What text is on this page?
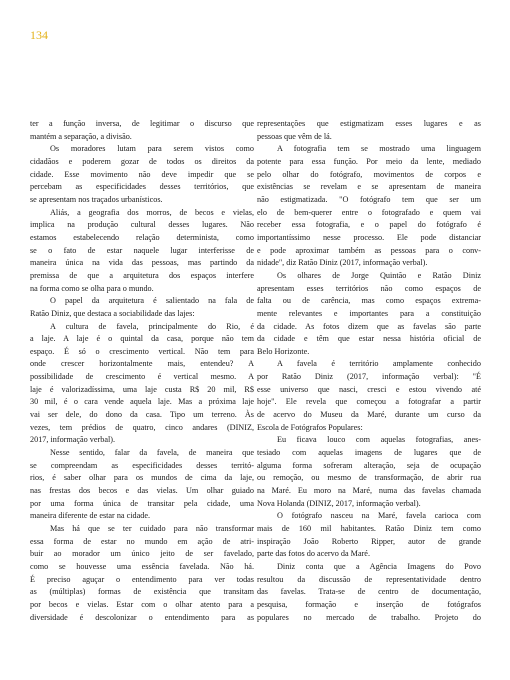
134
ter a função inversa, de legitimar o discurso que
mantém a separação, a divisão.
Os moradores lutam para serem vistos como
cidadãos e poderem gozar de todos os direitos da
cidade. Esse movimento não deve impedir que se
percebam as especificidades desses territórios, que
se apresentam nos traçados urbanísticos.
Aliás, a geografia dos morros, de becos e vielas,
implica na produção cultural desses lugares. Não
estamos estabelecendo relação determinista, como
se o fato de estar naquele lugar interferisse de
maneira única na vida das pessoas, mas partindo da
premissa de que a arquitetura dos espaços interfere
na forma como se olha para o mundo.
O papel da arquitetura é salientado na fala de
Ratão Diniz, que destaca a sociabilidade das lajes:
A cultura de favela, principalmente do Rio, é
a laje. A laje é o quintal da casa, porque não tem
espaço. É só o crescimento vertical. Não tem para
onde crescer horizontalmente mais, entendeu? A
possibilidade de crescimento é vertical mesmo. A
laje é valorizadíssima, uma laje custa R$ 20 mil, R$
30 mil, é o cara vende aquela laje. Mas a próxima laje
vai ser dele, do dono da casa. Tipo um terreno. Às
vezes, tem prédios de quatro, cinco andares (DINIZ,
2017, informação verbal).
Nesse sentido, falar da favela, de maneira que
se compreendam as especificidades desses territó-
rios, é saber olhar para os mundos de cima da laje,
nas frestas dos becos e das vielas. Um olhar guiado
por uma forma única de transitar pela cidade, uma
maneira diferente de estar na cidade.
Mas há que se ter cuidado para não transformar
essa forma de estar no mundo em ação de atri-
buir ao morador um único jeito de ser favelado,
como se houvesse uma essência favelada. Não há.
É preciso aguçar o entendimento para ver todas
as (múltiplas) formas de existência que transitam
por becos e vielas. Estar com o olhar atento para a
diversidade é descolonizar o entendimento para as
representações que estigmatizam esses lugares e as
pessoas que vêm de lá.
A fotografia tem se mostrado uma linguagem
potente para essa função. Por meio da lente, mediado
pelo olhar do fotógrafo, movimentos de corpos e
existências se revelam e se apresentam de maneira
não estigmatizada. "O fotógrafo tem que ser um
elo de bem-querer entre o fotografado e quem vai
receber essa fotografia, e o papel do fotógrafo é
importantíssimo nesse processo. Ele pode distanciar
e pode aproximar também as pessoas para o conv-
nidade", diz Ratão Diniz (2017, informação verbal).
Os olhares de Jorge Quintão e Ratão Diniz
apresentam esses territórios não como espaços de
falta ou de carência, mas como espaços extrema-
mente relevantes e importantes para a constituição
da cidade. As fotos dizem que as favelas são parte
da cidade e têm que estar nessa história oficial de
Belo Horizonte.
A favela é território amplamente conhecido
por Ratão Diniz (2017, informação verbal): "É
esse universo que nasci, cresci e estou vivendo até
hoje". Ele revela que começou a fotografar a partir
de acervo do Museu da Maré, durante um curso da
Escola de Fotógrafos Populares:
Eu ficava louco com aquelas fotografias, anes-
tesiado com aquelas imagens de lugares que de
alguma forma sofreram alteração, seja de ocupação
ou remoção, ou mesmo de transformação, de abrir rua
na Maré. Eu moro na Maré, numa das favelas chamada
Nova Holanda (DINIZ, 2017, informação verbal).
O fotógrafo nasceu na Maré, favela carioca com
mais de 160 mil habitantes. Ratão Diniz tem como
inspiração João Roberto Ripper, autor de grande
parte das fotos do acervo da Maré.
Diniz conta que a Agência Imagens do Povo
resultou da discussão de representatividade dentro
das favelas. Trata-se de centro de documentação,
pesquisa, formação e inserção de fotógrafos
populares no mercado de trabalho. Projeto do
